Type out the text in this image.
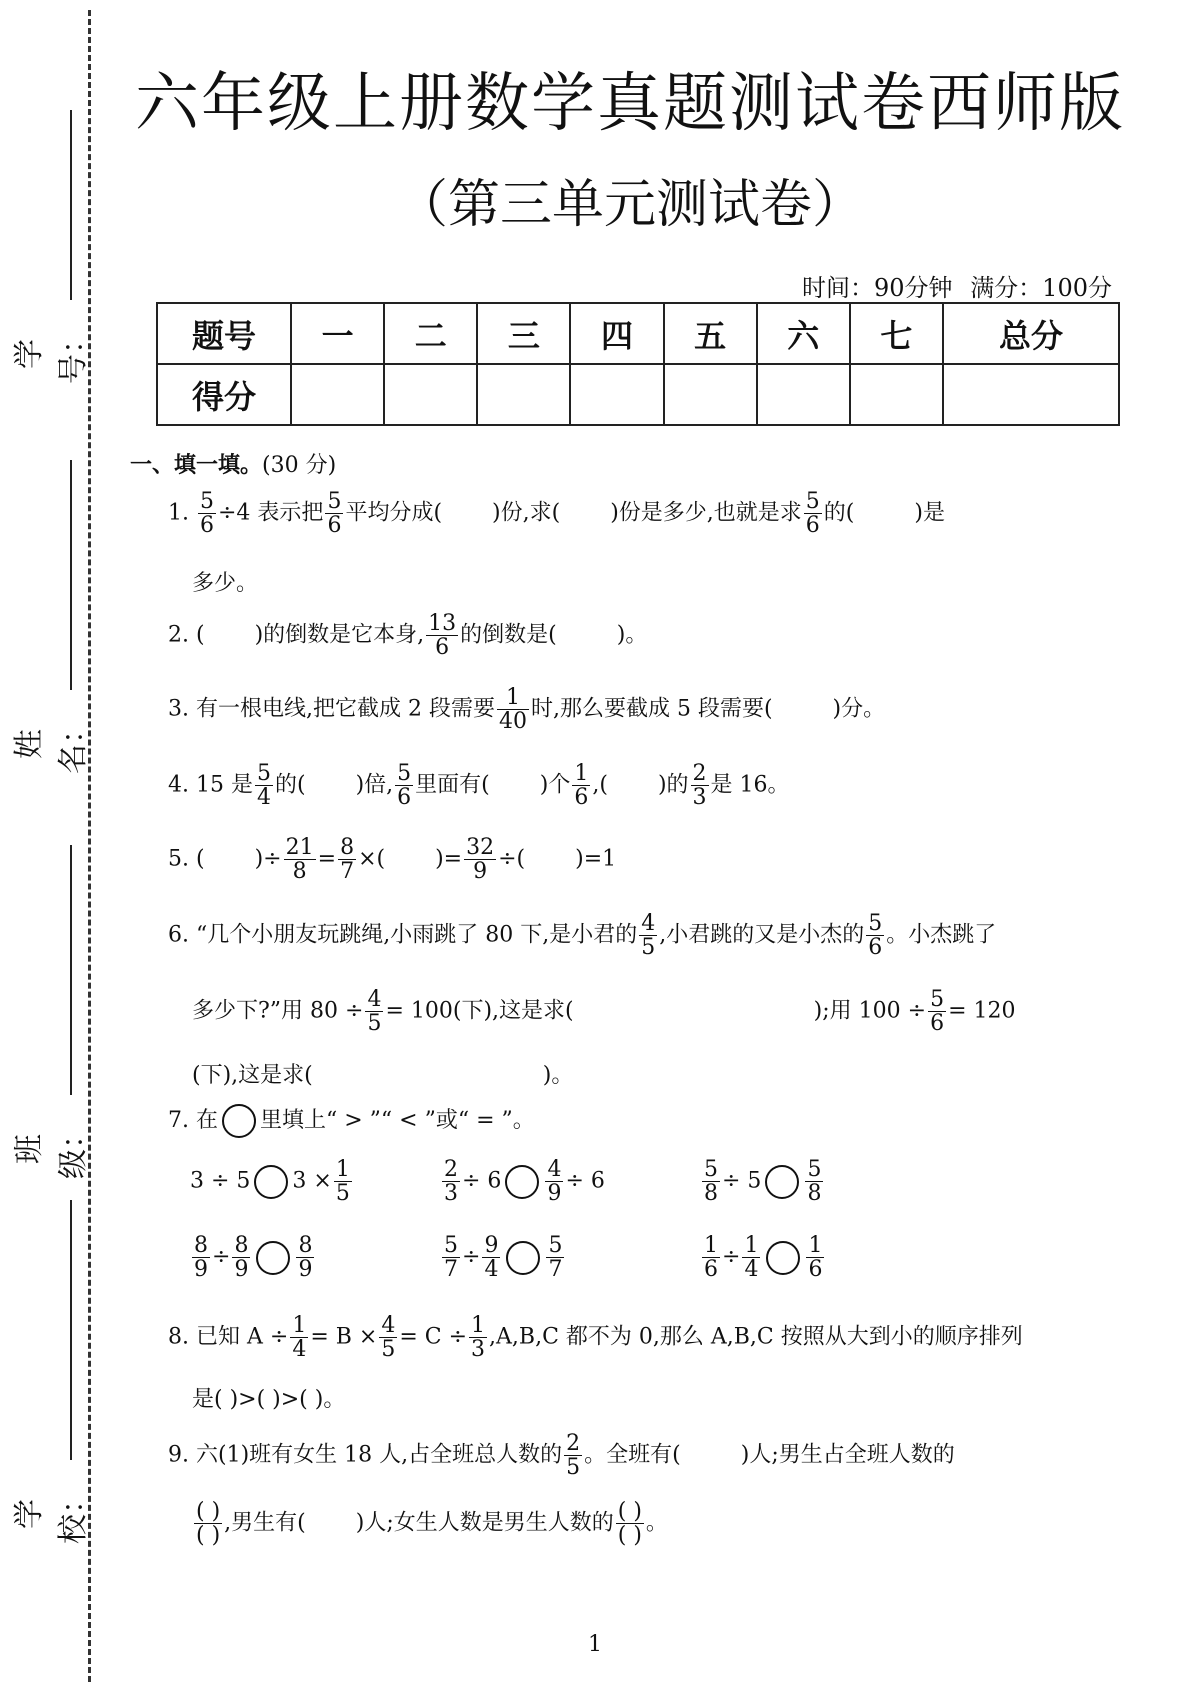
学号：
姓名：
班级：
学校：
六年级上册数学真题测试卷西师版
（第三单元测试卷）
时间：90分钟 满分：100分
题号	一	二	三	四	五	六	七	总分
得分								
一、填一填。(30 分)
1. $\frac{5}{6} \div 4$ 表示把 $\frac{5}{6}$ 平均分成( )份,求( )份是多少,也就是求 $\frac{5}{6}$ 的(	)是
多少。
2. ( )的倒数是它本身, $\frac{13}{6}$ 的倒数是(	)。
3. 有一根电线,把它截成 2 段需要 $\frac{1}{40}$ 时,那么要截成 5 段需要(	)分。
4. 15 是 $\frac{5}{4}$ 的( )倍, $\frac{5}{6}$ 里面有( )个 $\frac{1}{6}$ ,( )的 $\frac{2}{3}$ 是 16。
5. ( )÷ $\frac{21}{8} = \frac{8}{7}$ ×( )= $\frac{32}{9}$ ÷( )=1
6. “几个小朋友玩跳绳,小雨跳了 80 下,是小君的 $\frac{4}{5}$ ,小君跳的又是小杰的 $\frac{5}{6}$ 。小杰跳了
多少下?”用 $80 \div \frac{4}{5} = 100$(下),这是求(	);用 $100 \div \frac{5}{6} = 120$
(下),这是求(	)。
7. 在 里填上“ > ”“ < ”或“ = ”。
3 ÷ 5 $3 \times \frac{1}{5}$	$\frac{2}{3} \div 6 \frac{4}{9} \div 6$	$\frac{5}{8} \div 5 \frac{5}{8}$
$\frac{8}{9} \div \frac{8}{9} \frac{8}{9}$	$\frac{5}{7} \div \frac{9}{4} \frac{5}{7}$	$\frac{1}{6} \div \frac{1}{4} \frac{1}{6}$
8. 已知 $A \div \frac{1}{4} = B \times \frac{4}{5} = C \div \frac{1}{3} ,A,B,C$ 都不为 0,那么 A,B,C 按照从大到小的顺序排列
是( )>( )>( )。
9. 六(1)班有女生 18 人,占全班总人数的 $\frac{2}{5}$ 。全班有(	)人;男生占全班人数的
( )
( ) ,男生有( )人;女生人数是男生人数的 ( )
( ) 。
1
